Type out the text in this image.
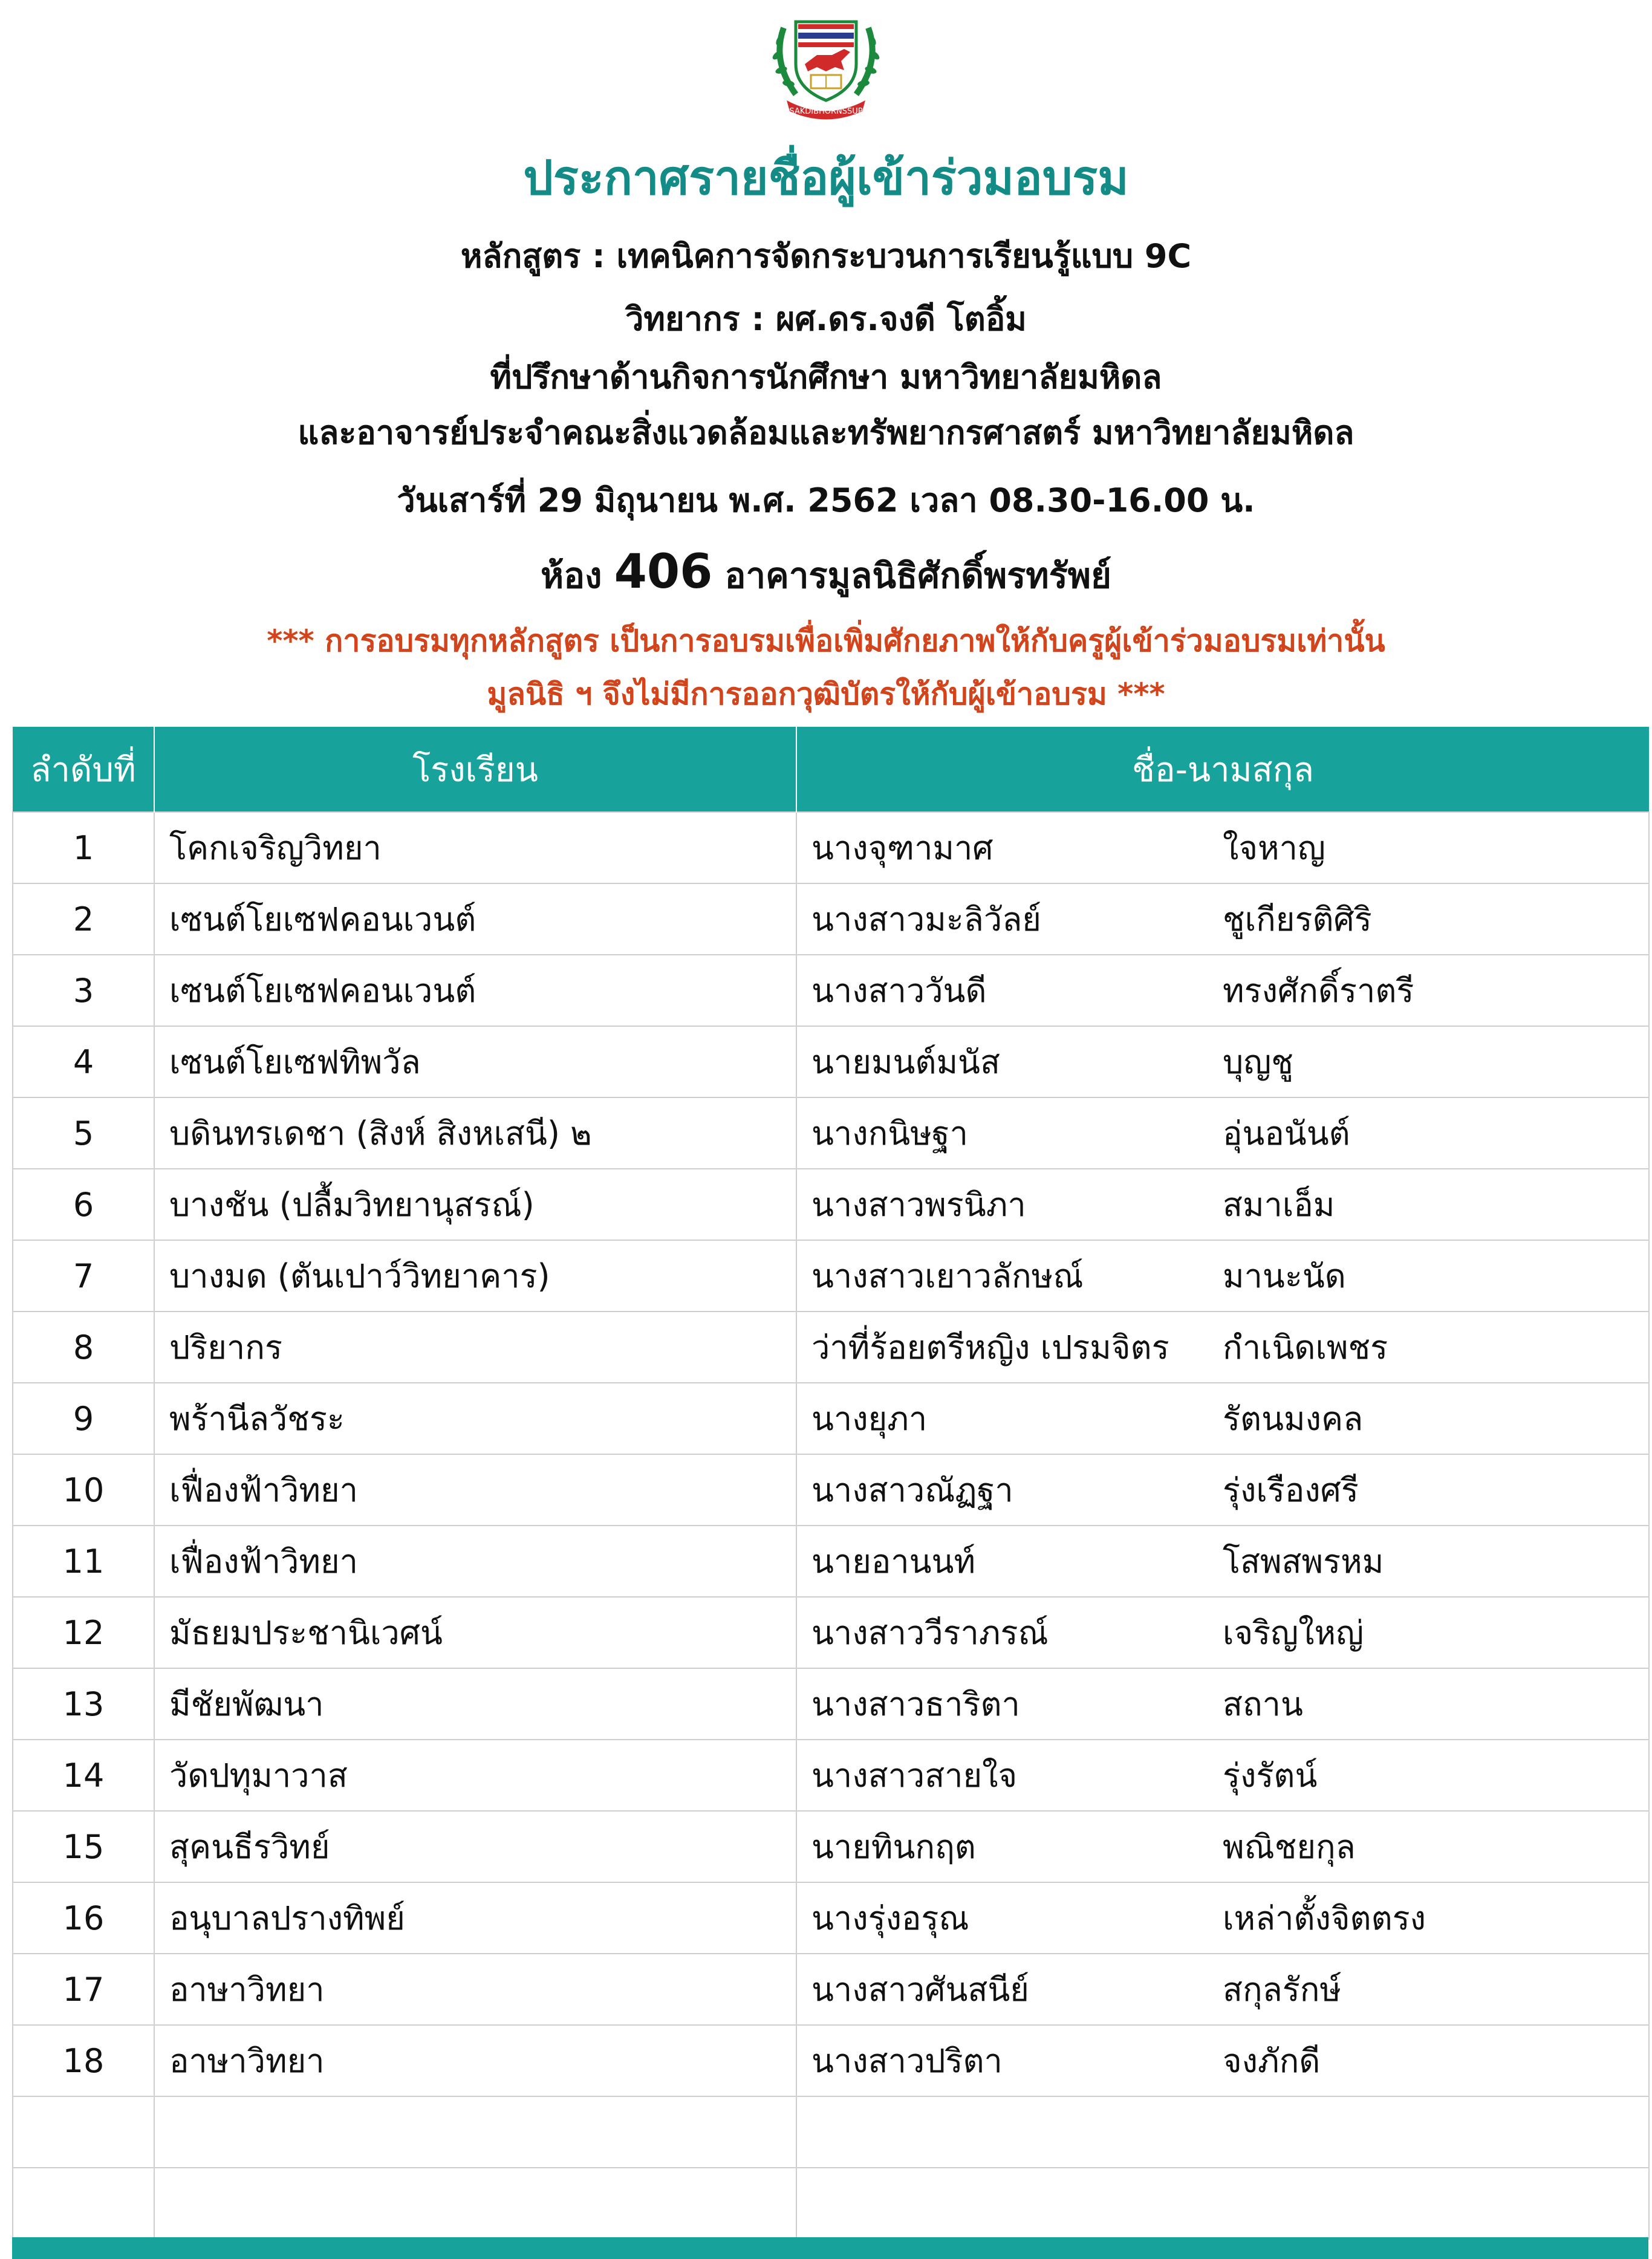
SAKDIBHORNSSUP
ประกาศรายชื่อผู้เข้าร่วมอบรม
หลักสูตร : เทคนิคการจัดกระบวนการเรียนรู้แบบ 9C
วิทยากร : ผศ.ดร.จงดี โตอิ้ม
ที่ปรึกษาด้านกิจการนักศึกษา มหาวิทยาลัยมหิดล
และอาจารย์ประจำคณะสิ่งแวดล้อมและทรัพยากรศาสตร์ มหาวิทยาลัยมหิดล
วันเสาร์ที่ 29 มิถุนายน พ.ศ. 2562 เวลา 08.30-16.00 น.
ห้อง 406 อาคารมูลนิธิศักดิ์พรทรัพย์
*** การอบรมทุกหลักสูตร เป็นการอบรมเพื่อเพิ่มศักยภาพให้กับครูผู้เข้าร่วมอบรมเท่านั้น
มูลนิธิ ฯ จึงไม่มีการออกวุฒิบัตรให้กับผู้เข้าอบรม ***
ลำดับที่	โรงเรียน	ชื่อ-นามสกุล
1	โคกเจริญวิทยา	นางจุฑามาศ ใจหาญ

2	เซนต์โยเซฟคอนเวนต์	นางสาวมะลิวัลย์ ชูเกียรติศิริ

3	เซนต์โยเซฟคอนเวนต์	นางสาววันดี ทรงศักดิ์ราตรี

4	เซนต์โยเซฟทิพวัล	นายมนต์มนัส บุญชู

5	บดินทรเดชา (สิงห์ สิงหเสนี) ๒	นางกนิษฐา อุ่นอนันต์

6	บางชัน (ปลื้มวิทยานุสรณ์)	นางสาวพรนิภา สมาเอ็ม

7	บางมด (ตันเปาว์วิทยาคาร)	นางสาวเยาวลักษณ์ มานะนัด

8	ปริยากร	ว่าที่ร้อยตรีหญิง เปรมจิตร กำเนิดเพชร

9	พร้านีลวัชระ	นางยุภา รัตนมงคล

10	เฟื่องฟ้าวิทยา	นางสาวณัฏฐา รุ่งเรืองศรี

11	เฟื่องฟ้าวิทยา	นายอานนท์ โสพสพรหม

12	มัธยมประชานิเวศน์	นางสาววีราภรณ์ เจริญใหญ่

13	มีชัยพัฒนา	นางสาวธาริตา สถาน

14	วัดปทุมาวาส	นางสาวสายใจ รุ่งรัตน์

15	สุคนธีรวิทย์	นายทินกฤต พณิชยกุล

16	อนุบาลปรางทิพย์	นางรุ่งอรุณ เหล่าตั้งจิตตรง

17	อาษาวิทยา	นางสาวศันสนีย์ สกุลรักษ์

18	อาษาวิทยา	นางสาวปริตา จงภักดี
